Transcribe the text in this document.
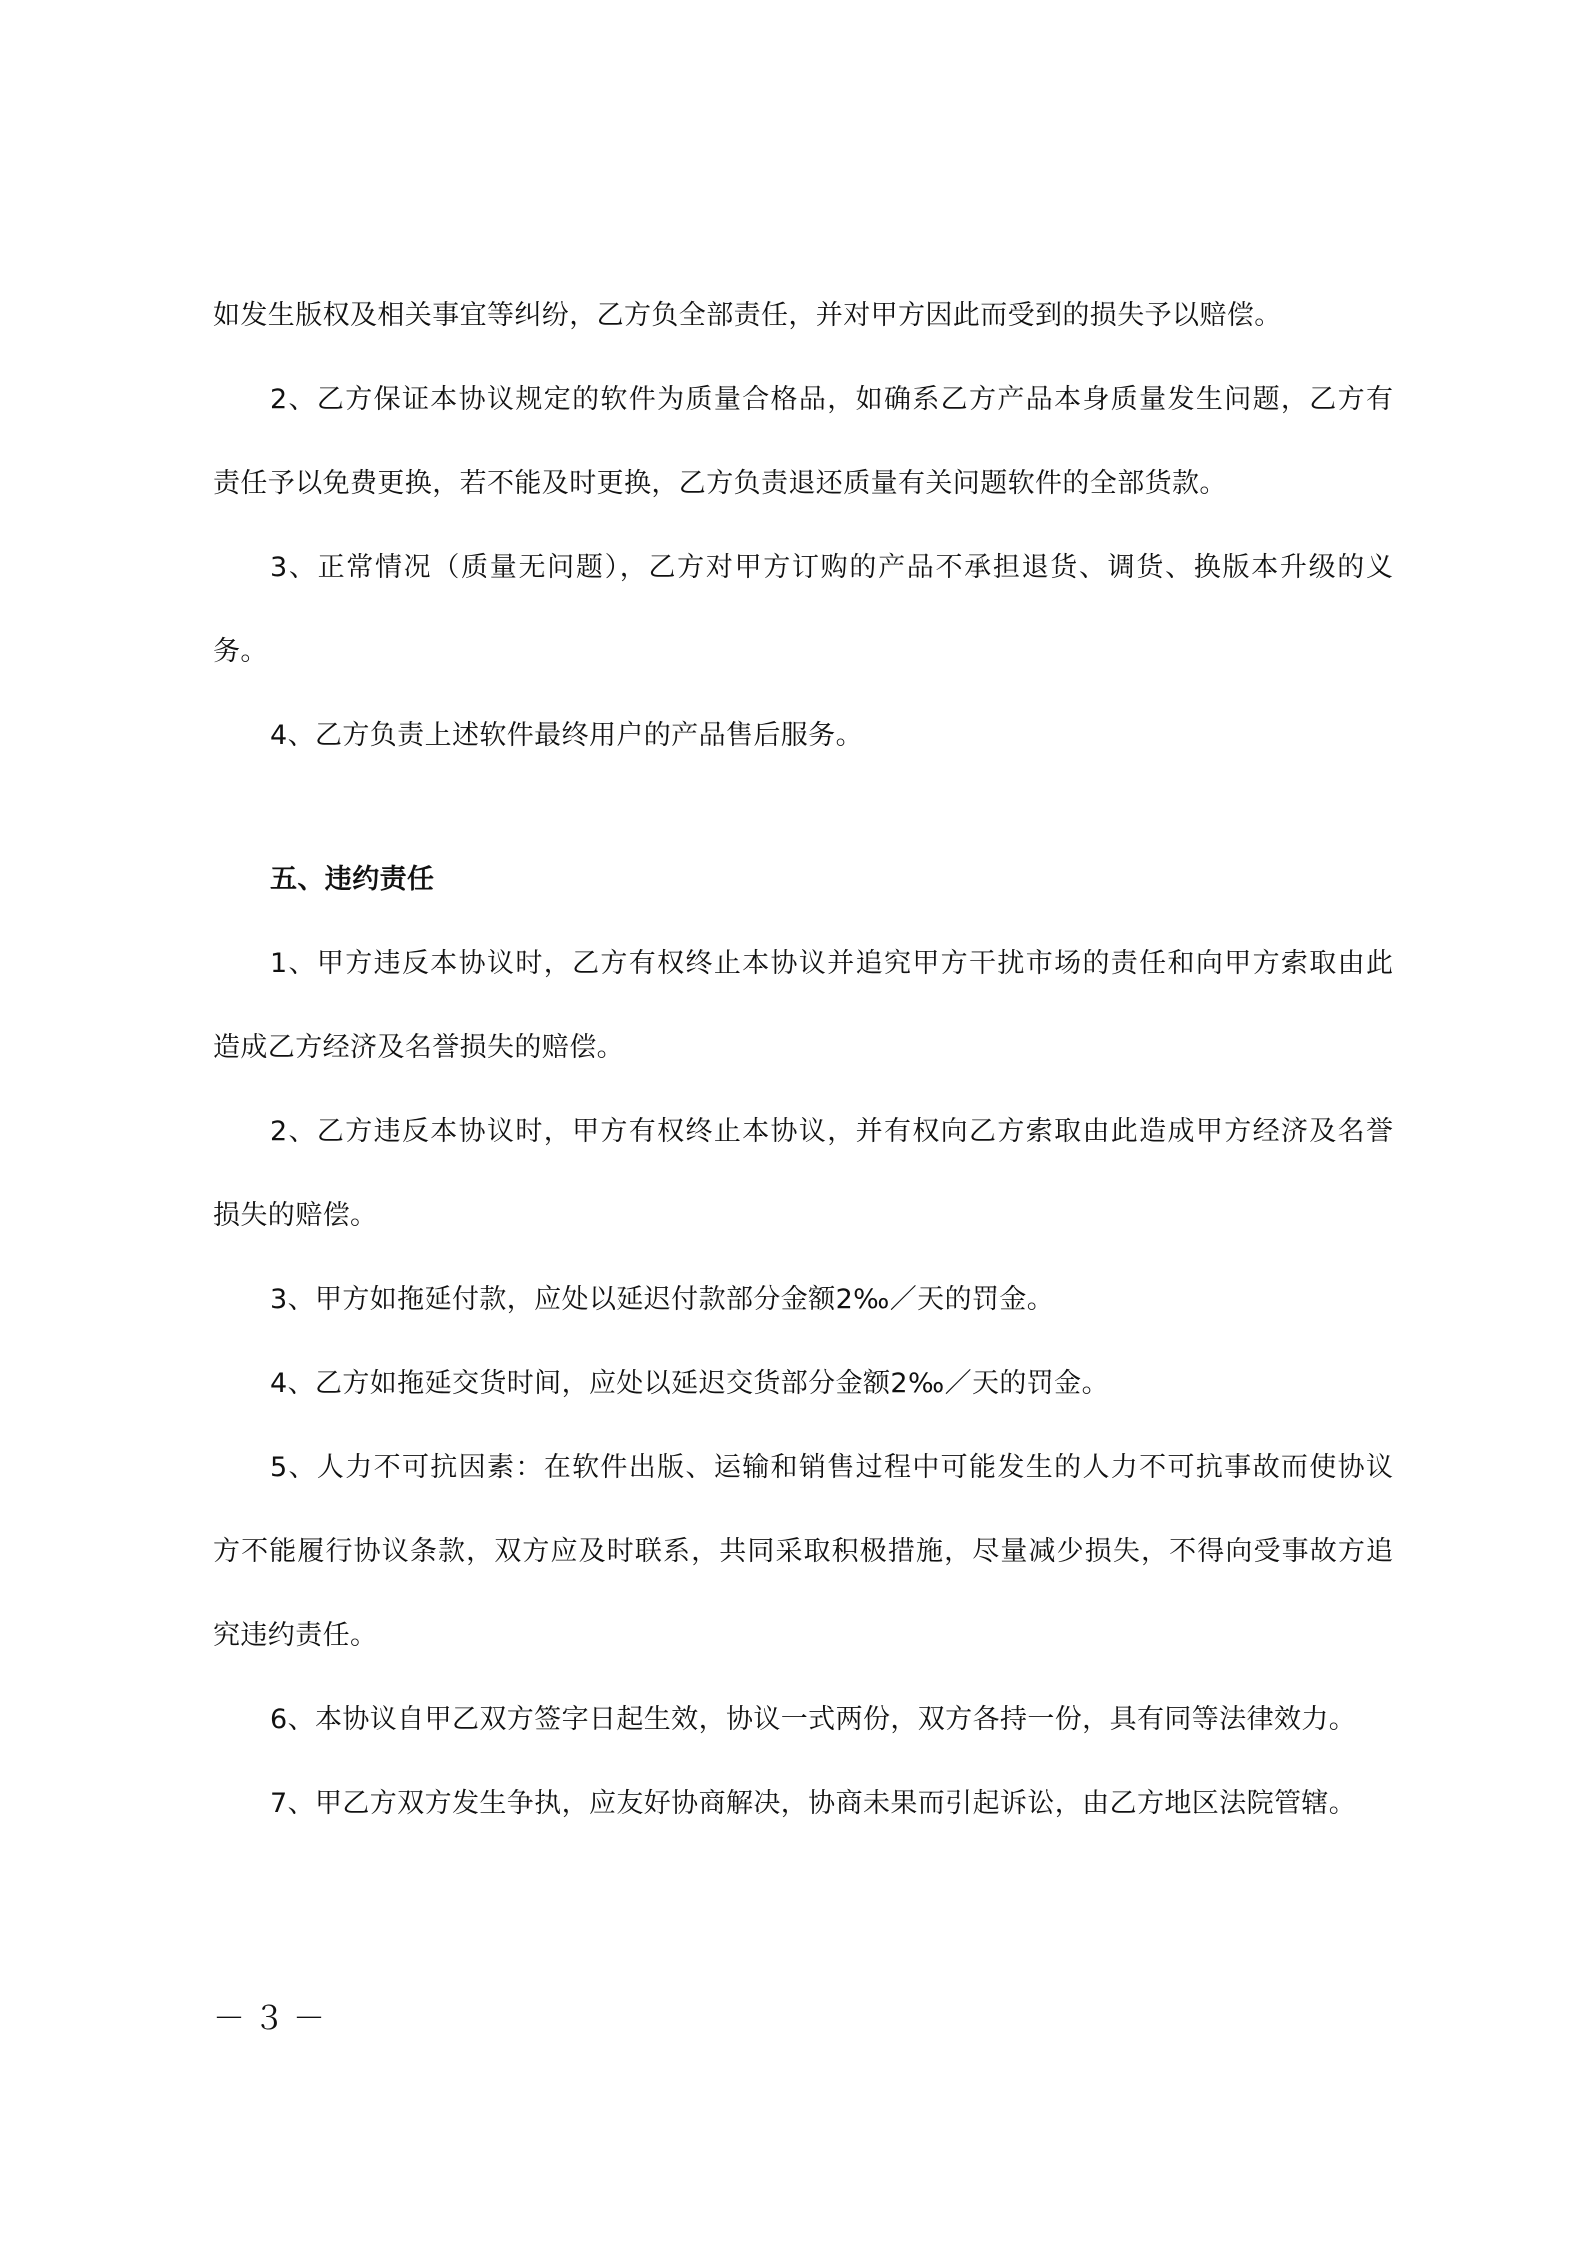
如发生版权及相关事宜等纠纷，乙方负全部责任，并对甲方因此而受到的损失予以赔偿。
2、乙方保证本协议规定的软件为质量合格品，如确系乙方产品本身质量发生问题，乙方有
责任予以免费更换，若不能及时更换，乙方负责退还质量有关问题软件的全部货款。
3、正常情况（质量无问题），乙方对甲方订购的产品不承担退货、调货、换版本升级的义
务。
4、乙方负责上述软件最终用户的产品售后服务。
五、违约责任
1、甲方违反本协议时，乙方有权终止本协议并追究甲方干扰市场的责任和向甲方索取由此
造成乙方经济及名誉损失的赔偿。
2、乙方违反本协议时，甲方有权终止本协议，并有权向乙方索取由此造成甲方经济及名誉
损失的赔偿。
3、甲方如拖延付款，应处以延迟付款部分金额2‰／天的罚金。
4、乙方如拖延交货时间，应处以延迟交货部分金额2‰／天的罚金。
5、人力不可抗因素：在软件出版、运输和销售过程中可能发生的人力不可抗事故而使协议
方不能履行协议条款，双方应及时联系，共同采取积极措施，尽量减少损失，不得向受事故方追
究违约责任。
6、本协议自甲乙双方签字日起生效，协议一式两份，双方各持一份，具有同等法律效力。
7、甲乙方双方发生争执，应友好协商解决，协商未果而引起诉讼，由乙方地区法院管辖。
－３－
